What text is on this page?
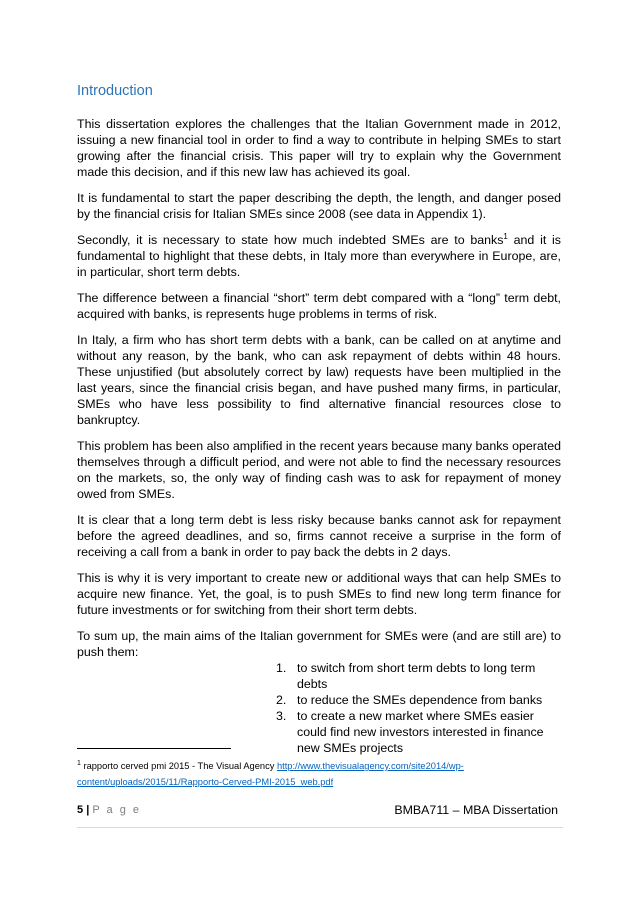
Introduction

This dissertation explores the challenges that the Italian Government made in 2012, issuing a new financial tool in order to find a way to contribute in helping SMEs to start growing after the financial crisis. This paper will try to explain why the Government made this decision, and if this new law has achieved its goal.

It is fundamental to start the paper describing the depth, the length, and danger posed by the financial crisis for Italian SMEs since 2008 (see data in Appendix 1).

Secondly, it is necessary to state how much indebted SMEs are to banks$^1$ and it is fundamental to highlight that these debts, in Italy more than everywhere in Europe, are, in particular, short term debts.

The difference between a financial “short” term debt compared with a “long” term debt, acquired with banks, is represents huge problems in terms of risk.

In Italy, a firm who has short term debts with a bank, can be called on at anytime and without any reason, by the bank, who can ask repayment of debts within 48 hours. These unjustified (but absolutely correct by law) requests have been multiplied in the last years, since the financial crisis began, and have pushed many firms, in particular, SMEs who have less possibility to find alternative financial resources close to bankruptcy.

This problem has been also amplified in the recent years because many banks operated themselves through a difficult period, and were not able to find the necessary resources on the markets, so, the only way of finding cash was to ask for repayment of money owed from SMEs.

It is clear that a long term debt is less risky because banks cannot ask for repayment before the agreed deadlines, and so, firms cannot receive a surprise in the form of receiving a call from a bank in order to pay back the debts in 2 days.

This is why it is very important to create new or additional ways that can help SMEs to acquire new finance. Yet, the goal, is to push SMEs to find new long term finance for future investments or for switching from their short term debts.

To sum up, the main aims of the Italian government for SMEs were (and are still are) to push them:

1. to switch from short term debts to long term debts
2. to reduce the SMEs dependence from banks
3. to create a new market where SMEs easier could find new investors interested in finance new SMEs projects
$^1$ rapporto cerved pmi 2015 - The Visual Agency http://www.thevisualagency.com/site2014/wp-content/uploads/2015/11/Rapporto-Cerved-PMI-2015_web.pdf
5 | P a g e	BMBA711 – MBA Dissertation
